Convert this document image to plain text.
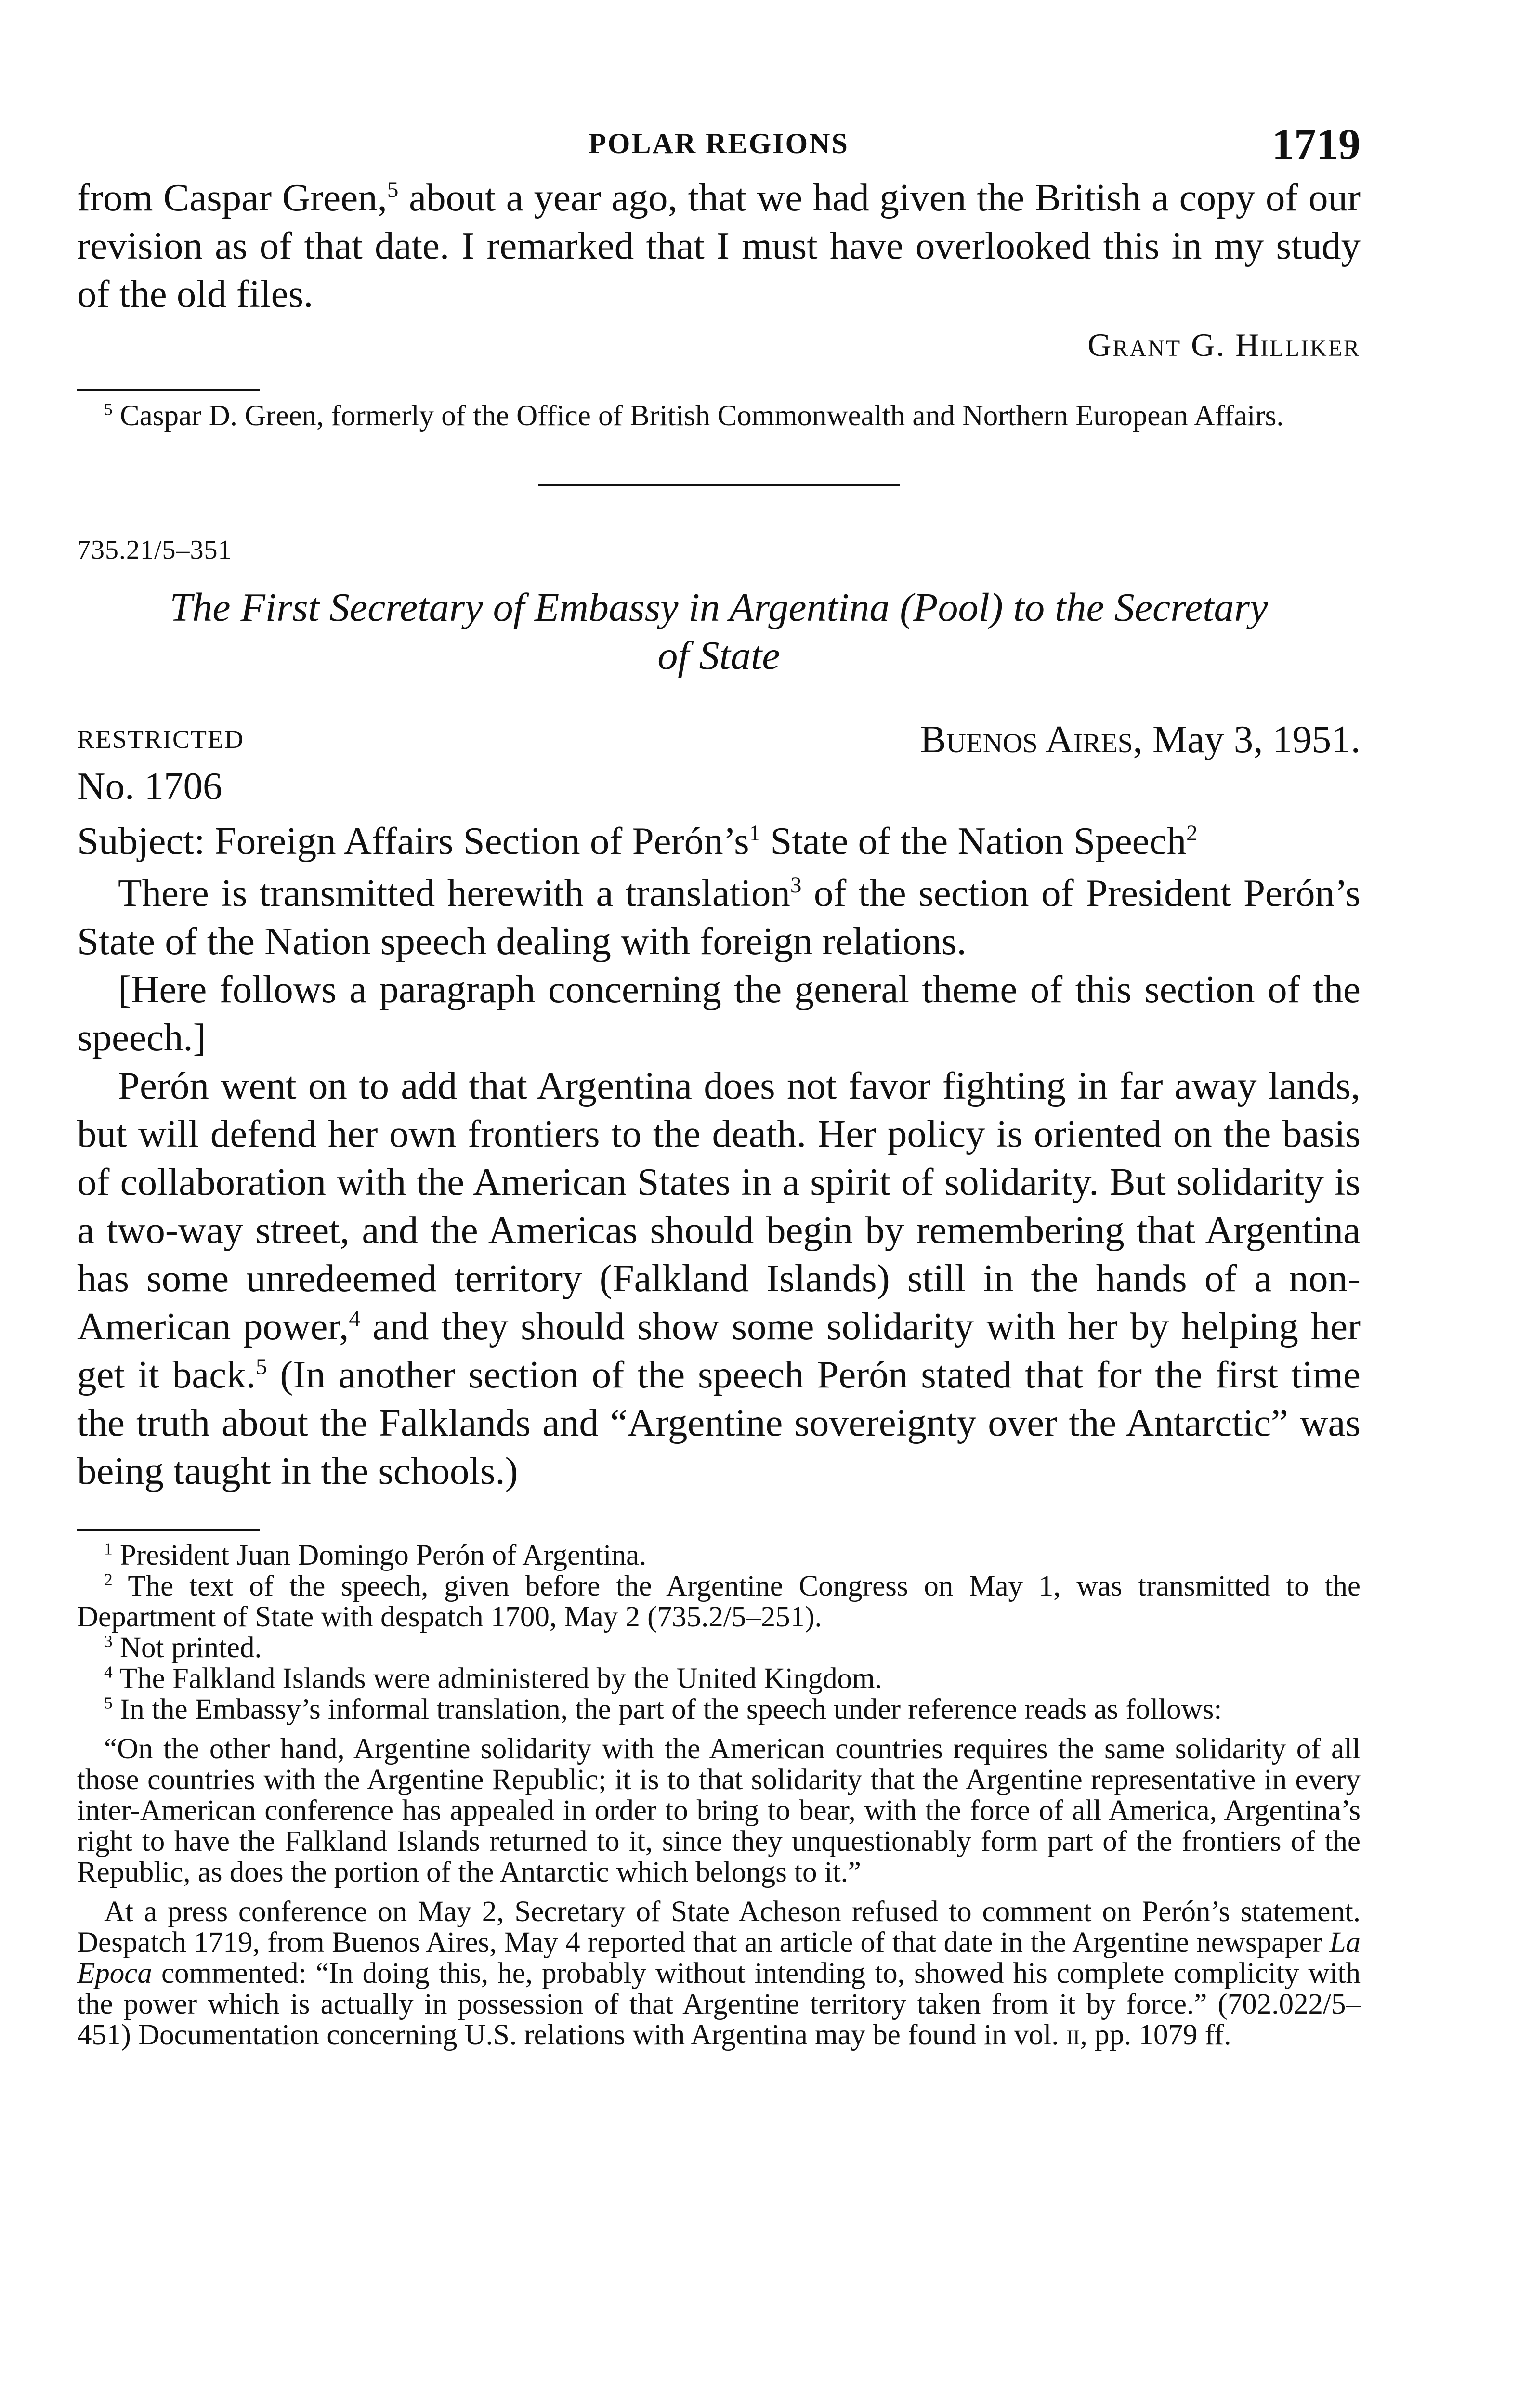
POLAR REGIONS	1719

from Caspar Green,$^5$ about a year ago, that we had given the British a copy of our revision as of that date. I remarked that I must have overlooked this in my study of the old files.

Grant G. Hilliker

$^5$ Caspar D. Green, formerly of the Office of British Commonwealth and Northern European Affairs.

735.21/5–351
The First Secretary of Embassy in Argentina (Pool) to the Secretary
of State
RESTRICTED	Buenos Aires, May 3, 1951.
No. 1706

Subject: Foreign Affairs Section of $Perón’s^1$ State of the Nation Speech$^2$

There is transmitted herewith a translation$^3$ of the section of President Perón’s State of the Nation speech dealing with foreign relations.

[Here follows a paragraph concerning the general theme of this section of the speech.]

Perón went on to add that Argentina does not favor fighting in far away lands, but will defend her own frontiers to the death. Her policy is oriented on the basis of collaboration with the American States in a spirit of solidarity. But solidarity is a two-way street, and the Americas should begin by remembering that Argentina has some unredeemed territory (Falkland Islands) still in the hands of a non-American power,$^4$ and they should show some solidarity with her by helping her get it back.$^5$ (In another section of the speech Perón stated that for the first time the truth about the Falklands and “Argentine sovereignty over the Antarctic” was being taught in the schools.)

$^1$ President Juan Domingo Perón of Argentina.

$^2$ The text of the speech, given before the Argentine Congress on May 1, was transmitted to the Department of State with despatch 1700, May 2 (735.2/5–251).

$^3$ Not printed.

$^4$ The Falkland Islands were administered by the United Kingdom.

$^5$ In the Embassy’s informal translation, the part of the speech under reference reads as follows:

“On the other hand, Argentine solidarity with the American countries requires the same solidarity of all those countries with the Argentine Republic; it is to that solidarity that the Argentine representative in every inter-American conference has appealed in order to bring to bear, with the force of all America, Argentina’s right to have the Falkland Islands returned to it, since they unquestionably form part of the frontiers of the Republic, as does the portion of the Antarctic which belongs to it.”

At a press conference on May 2, Secretary of State Acheson refused to comment on Perón’s statement. Despatch 1719, from Buenos Aires, May 4 reported that an article of that date in the Argentine newspaper La Epoca commented: “In doing this, he, probably without intending to, showed his complete complicity with the power which is actually in possession of that Argentine territory taken from it by force.” (702.022/5–451) Documentation concerning U.S. relations with Argentina may be found in vol. ii, pp. 1079 ff.
